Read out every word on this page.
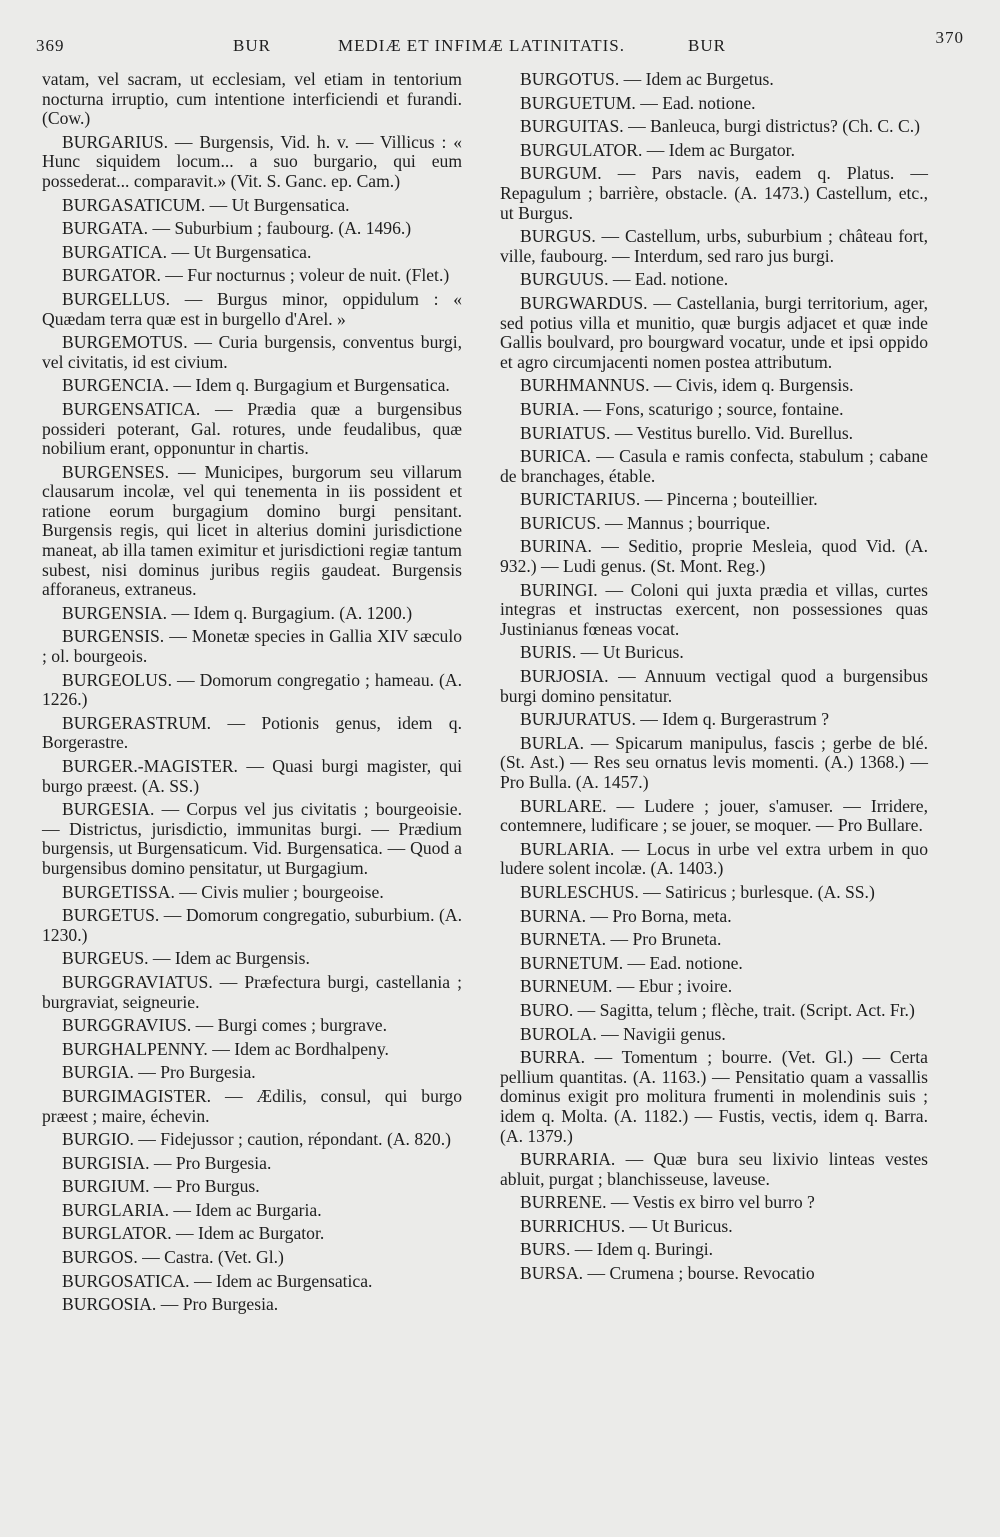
369	BUR	MEDIÆ ET INFIMÆ LATINITATIS.	BUR	370

vatam, vel sacram, ut ecclesiam, vel etiam in tentorium nocturna irruptio, cum intentione interficiendi et furandi. (Cow.)

BURGARIUS. — Burgensis, Vid. h. v. — Villicus : « Hunc siquidem locum... a suo burgario, qui eum possederat... comparavit.» (Vit. S. Ganc. ep. Cam.)

BURGASATICUM. — Ut Burgensatica.

BURGATA. — Suburbium ; faubourg. (A. 1496.)

BURGATICA. — Ut Burgensatica.

BURGATOR. — Fur nocturnus ; voleur de nuit. (Flet.)

BURGELLUS. — Burgus minor, oppidulum : « Quædam terra quæ est in burgello d'Arel. »

BURGEMOTUS. — Curia burgensis, conventus burgi, vel civitatis, id est civium.

BURGENCIA. — Idem q. Burgagium et Burgensatica.

BURGENSATICA. — Prædia quæ a burgensibus possideri poterant, Gal. rotures, unde feudalibus, quæ nobilium erant, opponuntur in chartis.

BURGENSES. — Municipes, burgorum seu villarum clausarum incolæ, vel qui tenementa in iis possident et ratione eorum burgagium domino burgi pensitant. Burgensis regis, qui licet in alterius domini jurisdictione maneat, ab illa tamen eximitur et jurisdictioni regiæ tantum subest, nisi dominus juribus regiis gaudeat. Burgensis afforaneus, extraneus.

BURGENSIA. — Idem q. Burgagium. (A. 1200.)

BURGENSIS. — Monetæ species in Gallia XIV sæculo ; ol. bourgeois.

BURGEOLUS. — Domorum congregatio ; hameau. (A. 1226.)

BURGERASTRUM. — Potionis genus, idem q. Borgerastre.

BURGER.-MAGISTER. — Quasi burgi magister, qui burgo præest. (A. SS.)

BURGESIA. — Corpus vel jus civitatis ; bourgeoisie. — Districtus, jurisdictio, immunitas burgi. — Prædium burgensis, ut Burgensaticum. Vid. Burgensatica. — Quod a burgensibus domino pensitatur, ut Burgagium.

BURGETISSA. — Civis mulier ; bourgeoise.

BURGETUS. — Domorum congregatio, suburbium. (A. 1230.)

BURGEUS. — Idem ac Burgensis.

BURGGRAVIATUS. — Præfectura burgi, castellania ; burgraviat, seigneurie.

BURGGRAVIUS. — Burgi comes ; burgrave.

BURGHALPENNY. — Idem ac Bordhalpeny.

BURGIA. — Pro Burgesia.

BURGIMAGISTER. — Ædilis, consul, qui burgo præest ; maire, échevin.

BURGIO. — Fidejussor ; caution, répondant. (A. 820.)

BURGISIA. — Pro Burgesia.

BURGIUM. — Pro Burgus.

BURGLARIA. — Idem ac Burgaria.

BURGLATOR. — Idem ac Burgator.

BURGOS. — Castra. (Vet. Gl.)

BURGOSATICA. — Idem ac Burgensatica.

BURGOSIA. — Pro Burgesia.

BURGOTUS. — Idem ac Burgetus.

BURGUETUM. — Ead. notione.

BURGUITAS. — Banleuca, burgi districtus? (Ch. C. C.)

BURGULATOR. — Idem ac Burgator.

BURGUM. — Pars navis, eadem q. Platus. — Repagulum ; barrière, obstacle. (A. 1473.) Castellum, etc., ut Burgus.

BURGUS. — Castellum, urbs, suburbium ; château fort, ville, faubourg. — Interdum, sed raro jus burgi.

BURGUUS. — Ead. notione.

BURGWARDUS. — Castellania, burgi territorium, ager, sed potius villa et munitio, quæ burgis adjacet et quæ inde Gallis boulvard, pro bourgward vocatur, unde et ipsi oppido et agro circumjacenti nomen postea attributum.

BURHMANNUS. — Civis, idem q. Burgensis.

BURIA. — Fons, scaturigo ; source, fontaine.

BURIATUS. — Vestitus burello. Vid. Burellus.

BURICA. — Casula e ramis confecta, stabulum ; cabane de branchages, étable.

BURICTARIUS. — Pincerna ; bouteillier.

BURICUS. — Mannus ; bourrique.

BURINA. — Seditio, proprie Mesleia, quod Vid. (A. 932.) — Ludi genus. (St. Mont. Reg.)

BURINGI. — Coloni qui juxta prædia et villas, curtes integras et instructas exercent, non possessiones quas Justinianus fœneas vocat.

BURIS. — Ut Buricus.

BURJOSIA. — Annuum vectigal quod a burgensibus burgi domino pensitatur.

BURJURATUS. — Idem q. Burgerastrum ?

BURLA. — Spicarum manipulus, fascis ; gerbe de blé. (St. Ast.) — Res seu ornatus levis momenti. (A.) 1368.) — Pro Bulla. (A. 1457.)

BURLARE. — Ludere ; jouer, s'amuser. — Irridere, contemnere, ludificare ; se jouer, se moquer. — Pro Bullare.

BURLARIA. — Locus in urbe vel extra urbem in quo ludere solent incolæ. (A. 1403.)

BURLESCHUS. — Satiricus ; burlesque. (A. SS.)

BURNA. — Pro Borna, meta.

BURNETA. — Pro Bruneta.

BURNETUM. — Ead. notione.

BURNEUM. — Ebur ; ivoire.

BURO. — Sagitta, telum ; flèche, trait. (Script. Act. Fr.)

BUROLA. — Navigii genus.

BURRA. — Tomentum ; bourre. (Vet. Gl.) — Certa pellium quantitas. (A. 1163.) — Pensitatio quam a vassallis dominus exigit pro molitura frumenti in molendinis suis ; idem q. Molta. (A. 1182.) — Fustis, vectis, idem q. Barra. (A. 1379.)

BURRARIA. — Quæ bura seu lixivio linteas vestes abluit, purgat ; blanchisseuse, laveuse.

BURRENE. — Vestis ex birro vel burro ?

BURRICHUS. — Ut Buricus.

BURS. — Idem q. Buringi.

BURSA. — Crumena ; bourse. Revocatio
